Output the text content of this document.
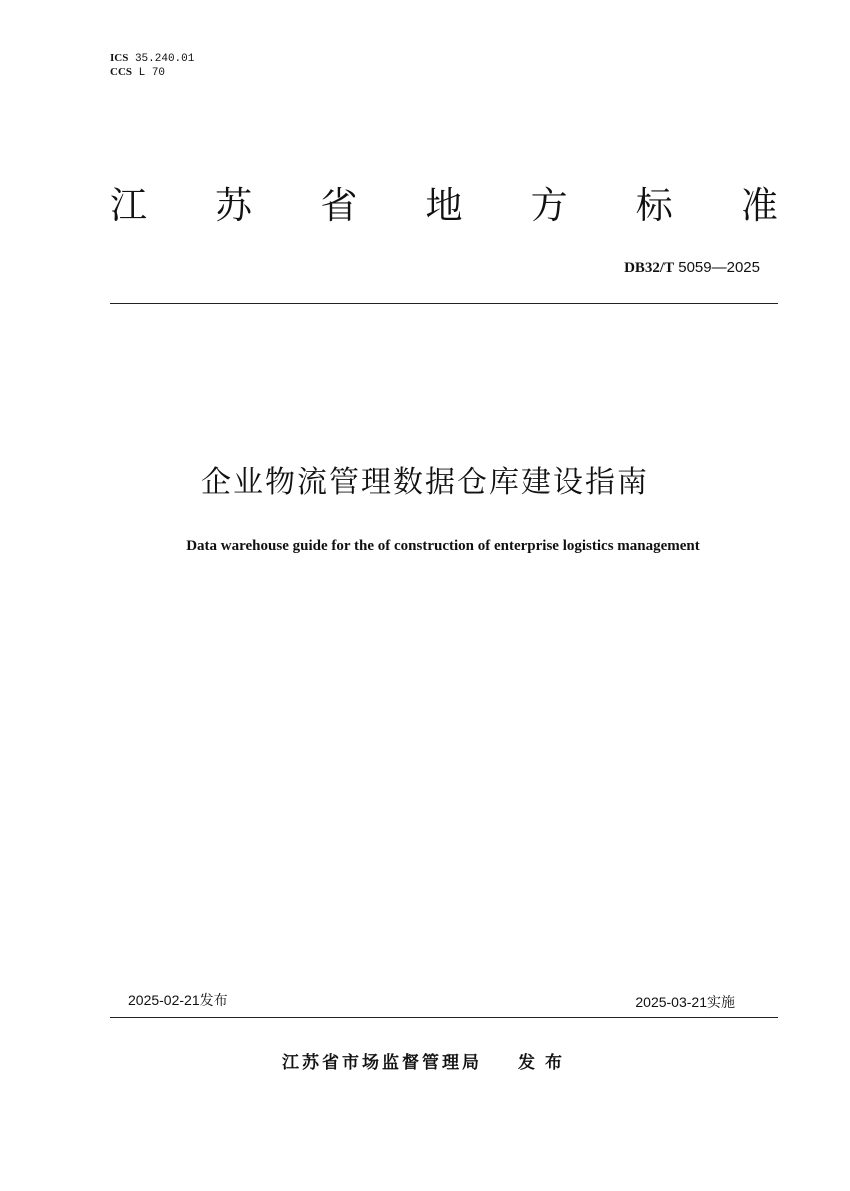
ICS 35.240.01
CCS L 70
江 苏 省 地 方 标 准
DB32/T 5059—2025
企业物流管理数据仓库建设指南
Data warehouse guide for the of construction of enterprise logistics management
2025-02-21发布	2025-03-21实施
江苏省市场监督管理局 发布
